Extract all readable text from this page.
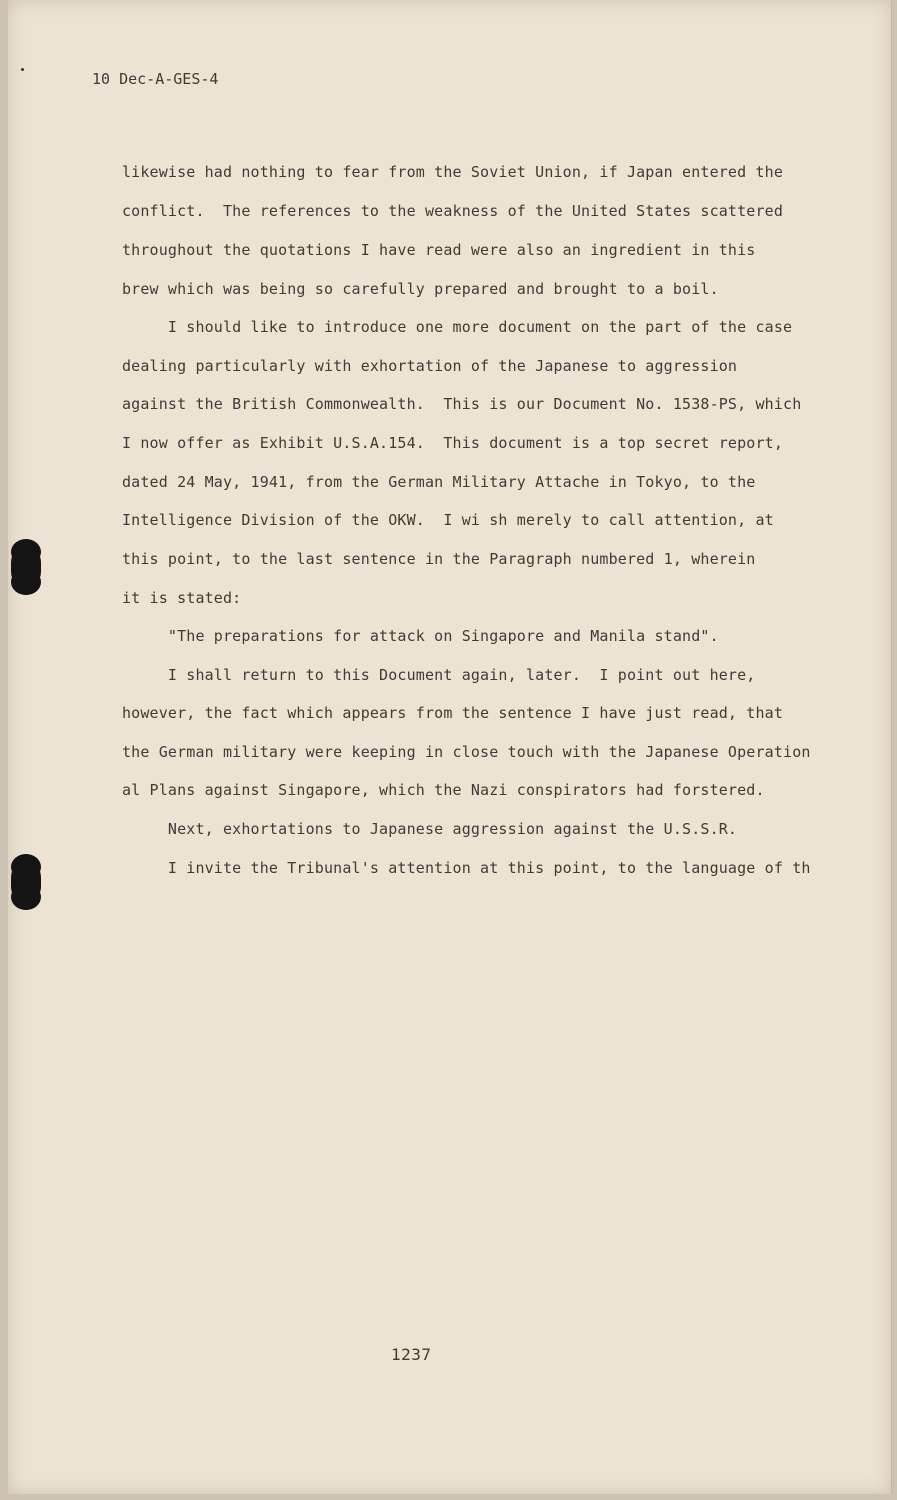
10 Dec-A-GES-4
likewise had nothing to fear from the Soviet Union, if Japan entered the
conflict.  The references to the weakness of the United States scattered
throughout the quotations I have read were also an ingredient in this
brew which was being so carefully prepared and brought to a boil.
I should like to introduce one more document on the part of the case
dealing particularly with exhortation of the Japanese to aggression
against the British Commonwealth.  This is our Document No. 1538-PS, which
I now offer as Exhibit U.S.A.154.  This document is a top secret report,
dated 24 May, 1941, from the German Military Attache in Tokyo, to the
Intelligence Division of the OKW.  I wi sh merely to call attention, at
this point, to the last sentence in the Paragraph numbered 1, wherein
it is stated:
"The preparations for attack on Singapore and Manila stand".
I shall return to this Document again, later.  I point out here,
however, the fact which appears from the sentence I have just read, that
the German military were keeping in close touch with the Japanese Operation
al Plans against Singapore, which the Nazi conspirators had forstered.
Next, exhortations to Japanese aggression against the U.S.S.R.
I invite the Tribunal's attention at this point, to the language of th
1237
